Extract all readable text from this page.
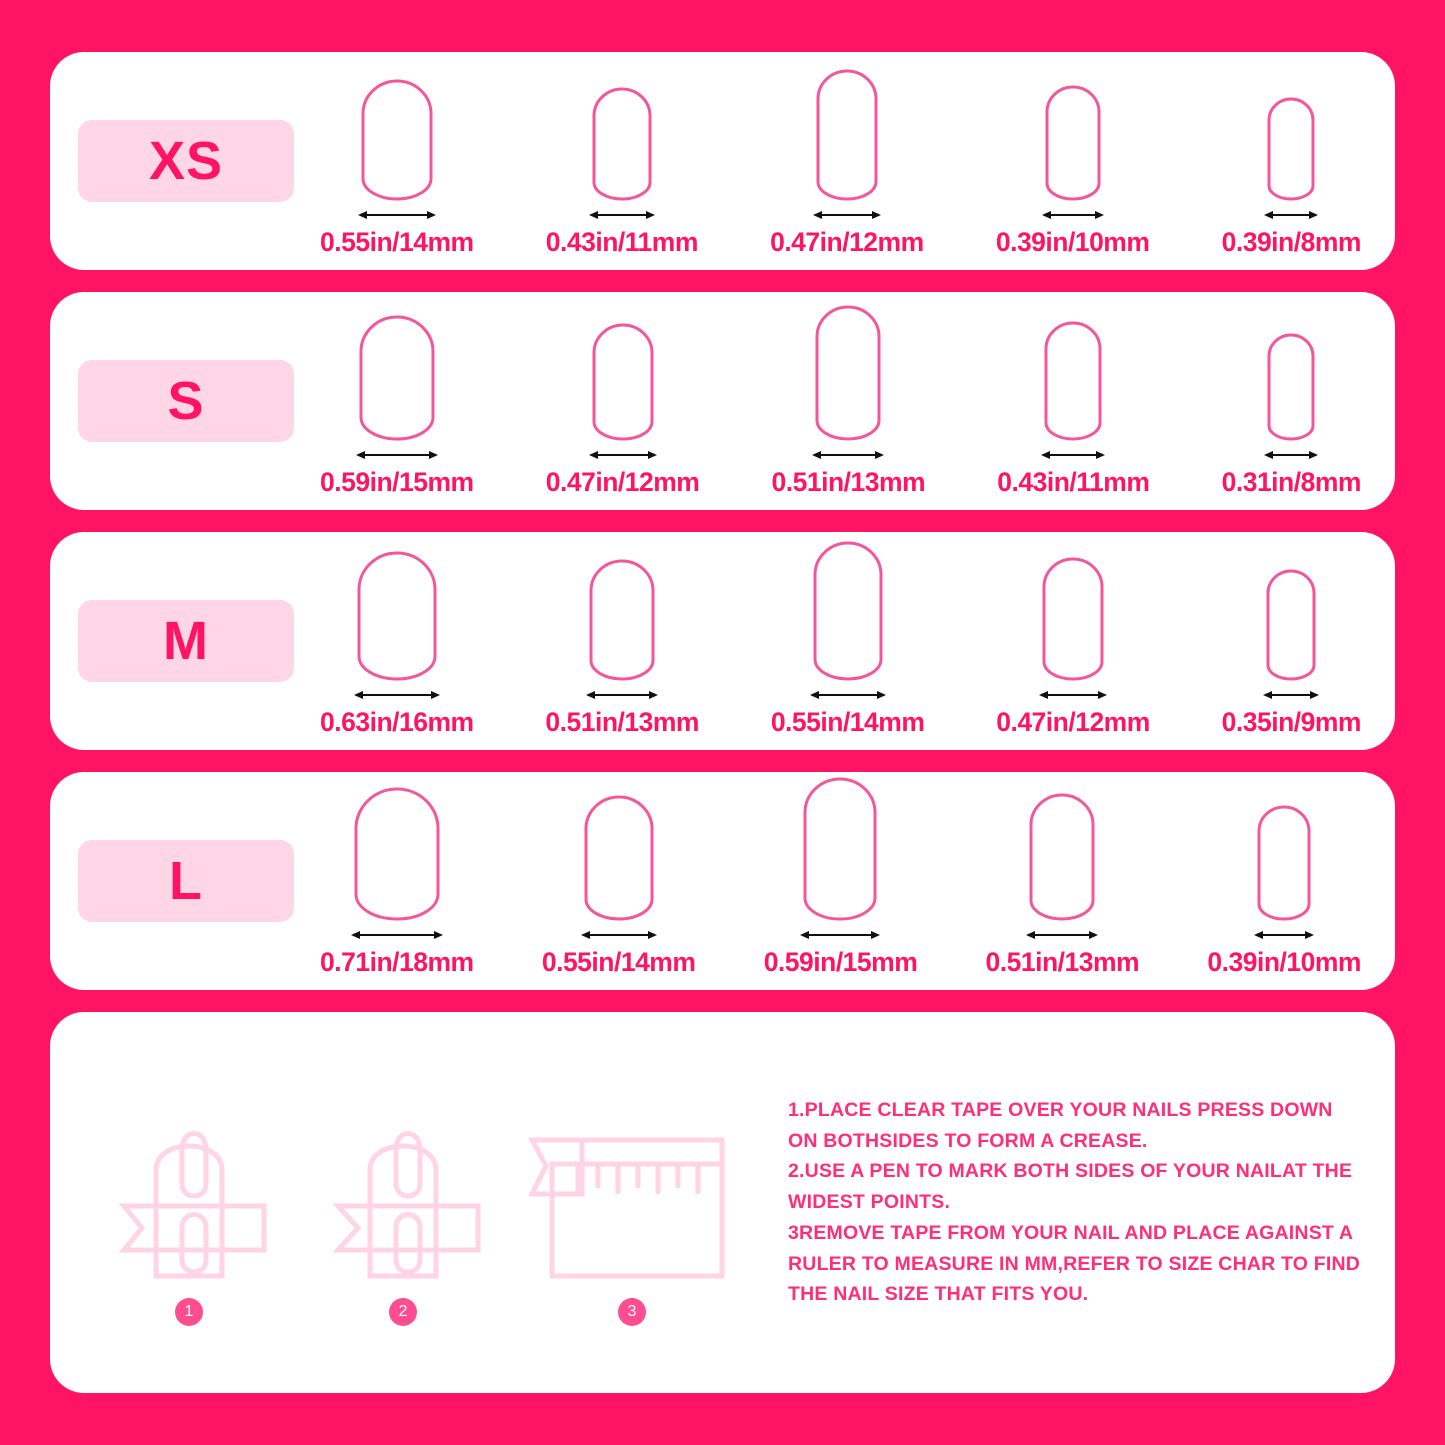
XS
0.55in/14mm	0.43in/11mm	0.47in/12mm	0.39in/10mm	0.39in/8mm
S
0.59in/15mm	0.47in/12mm	0.51in/13mm	0.43in/11mm	0.31in/8mm
M
0.63in/16mm	0.51in/13mm	0.55in/14mm	0.47in/12mm	0.35in/9mm
L
0.71in/18mm	0.55in/14mm	0.59in/15mm	0.51in/13mm	0.39in/10mm
1	2	3

1.PLACE CLEAR TAPE OVER YOUR NAILS PRESS DOWN ON BOTHSIDES TO FORM A CREASE.

2.USE A PEN TO MARK BOTH SIDES OF YOUR NAILAT THE WIDEST POINTS.

3REMOVE TAPE FROM YOUR NAIL AND PLACE AGAINST A RULER TO MEASURE IN MM,REFER TO SIZE CHAR TO FIND THE NAIL SIZE THAT FITS YOU.
